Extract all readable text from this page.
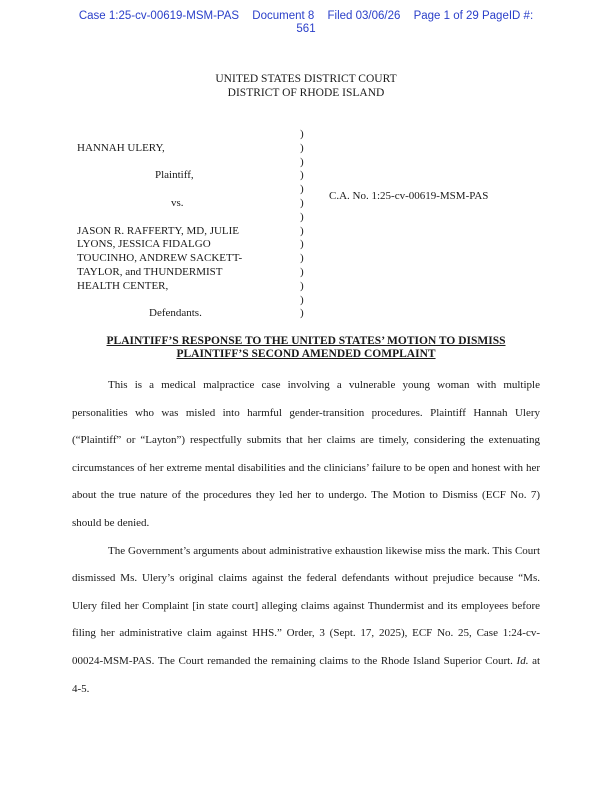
Case 1:25-cv-00619-MSM-PAS Document 8 Filed 03/06/26 Page 1 of 29 PageID #:
561
UNITED STATES DISTRICT COURT
DISTRICT OF RHODE ISLAND

HANNAH ULERY,

Plaintiff,

vs.

JASON R. RAFFERTY, MD, JULIE
LYONS, JESSICA FIDALGO
TOUCINHO, ANDREW SACKETT-
TAYLOR, and THUNDERMIST
HEALTH CENTER,

Defendants.
)
)
)
)
)
)
)
)
)
)
)
)
)
)
C.A. No. 1:25-cv-00619-MSM-PAS
PLAINTIFF’S RESPONSE TO THE UNITED STATES’ MOTION TO DISMISS
PLAINTIFF’S SECOND AMENDED COMPLAINT

This is a medical malpractice case involving a vulnerable young woman with multiple personalities who was misled into harmful gender-transition procedures. Plaintiff Hannah Ulery (“Plaintiff” or “Layton”) respectfully submits that her claims are timely, considering the extenuating circumstances of her extreme mental disabilities and the clinicians’ failure to be open and honest with her about the true nature of the procedures they led her to undergo. The Motion to Dismiss (ECF No. 7) should be denied.

The Government’s arguments about administrative exhaustion likewise miss the mark. This Court dismissed Ms. Ulery’s original claims against the federal defendants without prejudice because “Ms. Ulery filed her Complaint [in state court] alleging claims against Thundermist and its employees before filing her administrative claim against HHS.” Order, 3 (Sept. 17, 2025), ECF No. 25, Case 1:24-cv-00024-MSM-PAS. The Court remanded the remaining claims to the Rhode Island Superior Court. Id. at 4-5.
